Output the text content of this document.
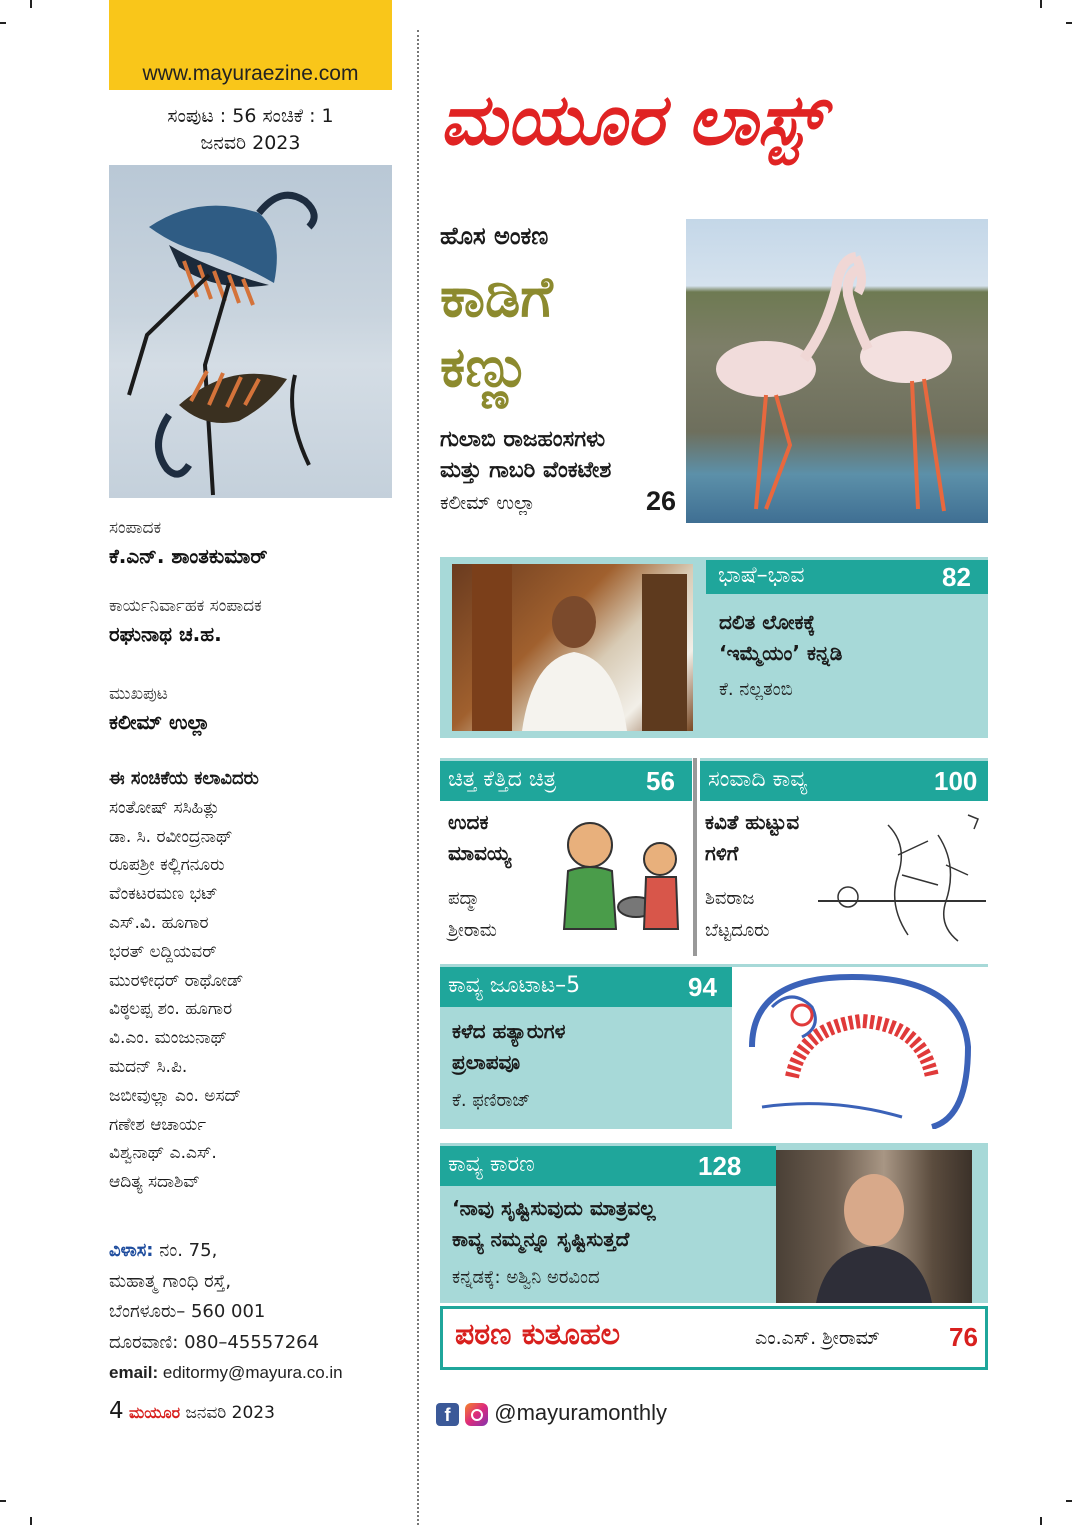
www.mayuraezine.com
ಸಂಪುಟ : 56 ಸಂಚಿಕೆ : 1
ಜನವರಿ 2023
ಸಂಪಾದಕ
ಕೆ.ಎನ್. ಶಾಂತಕುಮಾರ್
ಕಾರ್ಯನಿರ್ವಾಹಕ ಸಂಪಾದಕ
ರಘುನಾಥ ಚ.ಹ.
ಮುಖಪುಟ
ಕಲೀಮ್ ಉಲ್ಲಾ
ಈ ಸಂಚಿಕೆಯ ಕಲಾವಿದರು
ಸಂತೋಷ್ ಸಸಿಹಿತ್ಲು
ಡಾ. ಸಿ. ರವೀಂದ್ರನಾಥ್
ರೂಪಶ್ರೀ ಕಲ್ಲಿಗನೂರು
ವೆಂಕಟರಮಣ ಭಟ್
ಎಸ್.ವಿ. ಹೂಗಾರ
ಭರತ್ ಲದ್ದಿಯವರ್
ಮುರಳೀಧರ್ ರಾಥೋಡ್
ವಿಠ್ಠಲಪ್ಪ ಶಂ. ಹೂಗಾರ
ವಿ.ಎಂ. ಮಂಜುನಾಥ್
ಮದನ್ ಸಿ.ಪಿ.
ಜಬೀವುಲ್ಲಾ ಎಂ. ಅಸದ್
ಗಣೇಶ ಆಚಾರ್ಯ
ವಿಶ್ವನಾಥ್ ಎ.ಎಸ್.
ಆದಿತ್ಯ ಸದಾಶಿವ್
ವಿಳಾಸ: ನಂ. 75,
ಮಹಾತ್ಮ ಗಾಂಧಿ ರಸ್ತೆ,
ಬೆಂಗಳೂರು– 560 001
ದೂರವಾಣಿ: 080–45557264
email: editormy@mayura.co.in
4 ಮಯೂರ ಜನವರಿ 2023
ಮಯೂರ ಲಾಸ್ಟ್
ಹೊಸ ಅಂಕಣ
ಕಾಡಿಗೆ
ಕಣ್ಣು
ಗುಲಾಬಿ ರಾಜಹಂಸಗಳು
ಮತ್ತು ಗಾಬರಿ ವೆಂಕಟೇಶ
ಕಲೀಮ್ ಉಲ್ಲಾ	26
ಭಾಷೆ–ಭಾವ	82
ದಲಿತ ಲೋಕಕ್ಕೆ
‘ಇಮ್ಮೆಯಂ’ ಕನ್ನಡಿ
ಕೆ. ನಲ್ಲತಂಬಿ
ಚಿತ್ತ ಕೆತ್ತಿದ ಚಿತ್ರ	56
ಉದಕ
ಮಾವಯ್ಯ
ಪದ್ಮಾ
ಶ್ರೀರಾಮ
ಸಂವಾದಿ ಕಾವ್ಯ	100
ಕವಿತೆ ಹುಟ್ಟುವ
ಗಳಿಗೆ
ಶಿವರಾಜ
ಬೆಟ್ಟದೂರು
ಕಾವ್ಯ ಜೂಟಾಟ–5	94
ಕಳೆದ ಹತ್ಯಾರುಗಳ
ಪ್ರಲಾಪವೂ
ಕೆ. ಫಣಿರಾಜ್
ಕಾವ್ಯ ಕಾರಣ	128
‘ನಾವು ಸೃಷ್ಟಿಸುವುದು ಮಾತ್ರವಲ್ಲ
ಕಾವ್ಯ ನಮ್ಮನ್ನೂ ಸೃಷ್ಟಿಸುತ್ತದೆ
ಕನ್ನಡಕ್ಕೆ: ಅಶ್ವಿನಿ ಅರವಿಂದ
ಪಠಣ ಕುತೂಹಲ	ಎಂ.ಎಸ್. ಶ್ರೀರಾಮ್	76
f @mayuramonthly
